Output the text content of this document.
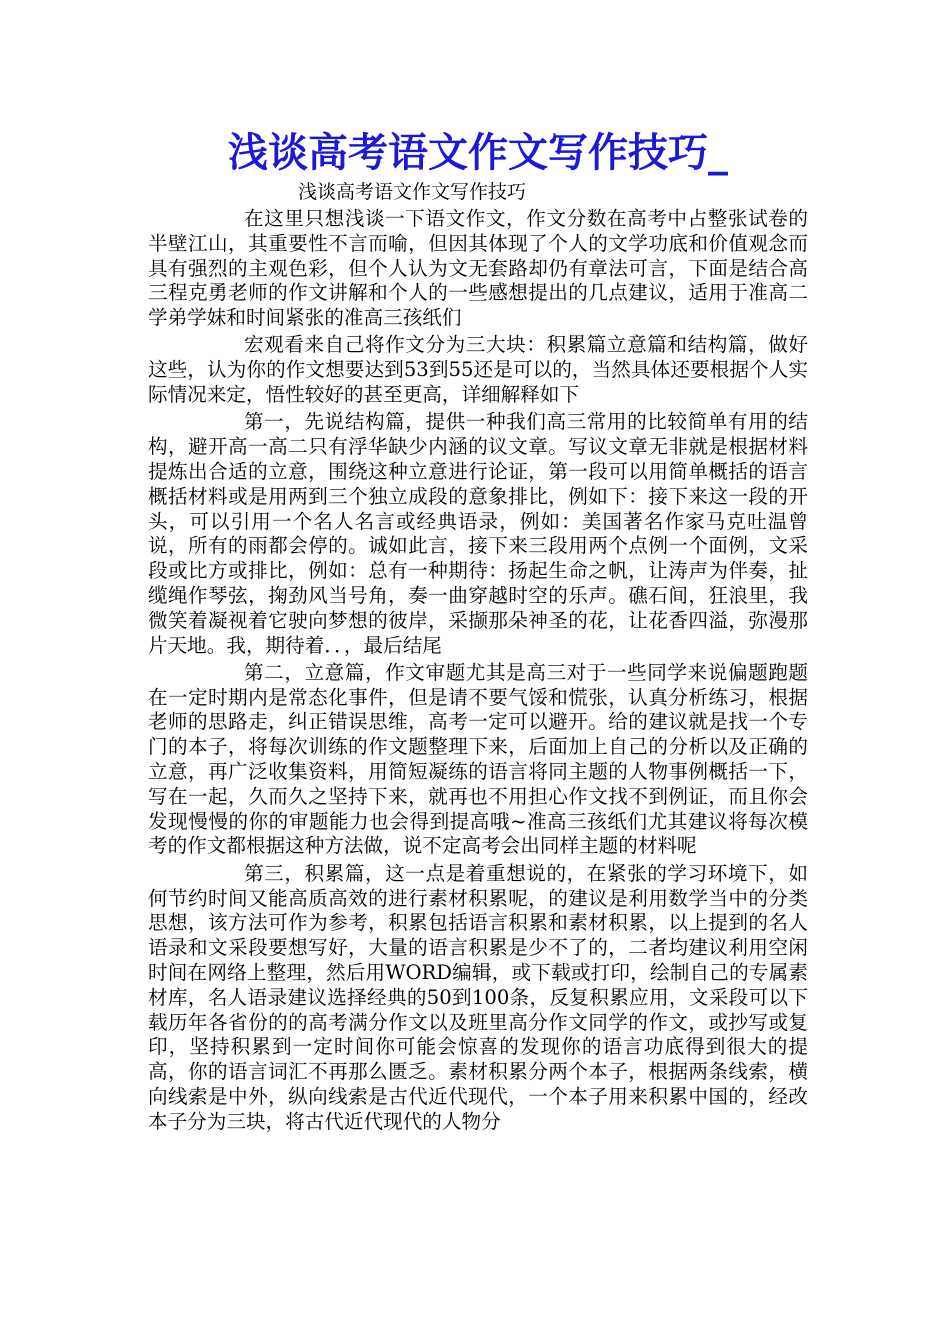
浅谈高考语文作文写作技巧_
浅谈高考语文作文写作技巧

在这里只想浅谈一下语文作文，作文分数在高考中占整张试卷的半壁江山，其重要性不言而喻，但因其体现了个人的文学功底和价值观念而具有强烈的主观色彩，但个人认为文无套路却仍有章法可言，下面是结合高三程克勇老师的作文讲解和个人的一些感想提出的几点建议，适用于准高二学弟学妹和时间紧张的准高三孩纸们

宏观看来自己将作文分为三大块：积累篇立意篇和结构篇，做好这些，认为你的作文想要达到53到55还是可以的，当然具体还要根据个人实际情况来定，悟性较好的甚至更高，详细解释如下

第一，先说结构篇，提供一种我们高三常用的比较简单有用的结构，避开高一高二只有浮华缺少内涵的议文章。写议文章无非就是根据材料提炼出合适的立意，围绕这种立意进行论证，第一段可以用简单概括的语言概括材料或是用两到三个独立成段的意象排比，例如下：接下来这一段的开头，可以引用一个名人名言或经典语录，例如：美国著名作家马克吐温曾说，所有的雨都会停的。诚如此言，接下来三段用两个点例一个面例，文采段或比方或排比，例如：总有一种期待：扬起生命之帆，让涛声为伴奏，扯缆绳作琴弦，掬劲风当号角，奏一曲穿越时空的乐声。礁石间，狂浪里，我微笑着凝视着它驶向梦想的彼岸，采撷那朵神圣的花，让花香四溢，弥漫那片天地。我，期待着．．，最后结尾

第二，立意篇，作文审题尤其是高三对于一些同学来说偏题跑题在一定时期内是常态化事件，但是请不要气馁和慌张，认真分析练习，根据老师的思路走，纠正错误思维，高考一定可以避开。给的建议就是找一个专门的本子，将每次训练的作文题整理下来，后面加上自己的分析以及正确的立意，再广泛收集资料，用简短凝练的语言将同主题的人物事例概括一下，写在一起，久而久之坚持下来，就再也不用担心作文找不到例证，而且你会发现慢慢的你的审题能力也会得到提高哦~准高三孩纸们尤其建议将每次模考的作文都根据这种方法做，说不定高考会出同样主题的材料呢

第三，积累篇，这一点是着重想说的，在紧张的学习环境下，如何节约时间又能高质高效的进行素材积累呢，的建议是利用数学当中的分类思想，该方法可作为参考，积累包括语言积累和素材积累，以上提到的名人语录和文采段要想写好，大量的语言积累是少不了的，二者均建议利用空闲时间在网络上整理，然后用WORD编辑，或下载或打印，绘制自己的专属素材库，名人语录建议选择经典的50到100条，反复积累应用，文采段可以下载历年各省份的的高考满分作文以及班里高分作文同学的作文，或抄写或复印，坚持积累到一定时间你可能会惊喜的发现你的语言功底得到很大的提高，你的语言词汇不再那么匮乏。素材积累分两个本子，根据两条线索，横向线索是中外，纵向线索是古代近代现代，一个本子用来积累中国的，经改本子分为三块，将古代近代现代的人物分
